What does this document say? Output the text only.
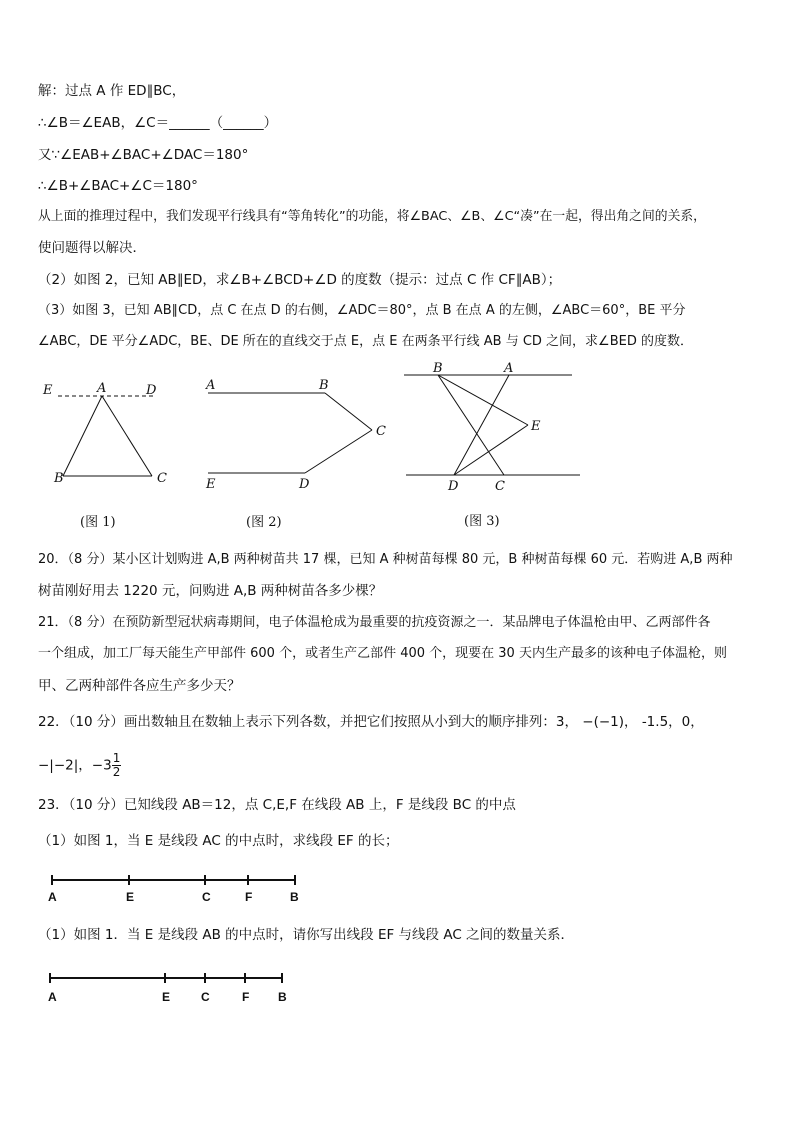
解：过点 A 作 ED∥BC，
∴∠B＝∠EAB，∠C＝______（______）
又∵∠EAB+∠BAC+∠DAC＝180°
∴∠B+∠BAC+∠C＝180°
从上面的推理过程中，我们发现平行线具有“等角转化”的功能，将∠BAC、∠B、∠C“凑”在一起，得出角之间的关系，
使问题得以解决．
（2）如图 2，已知 AB∥ED，求∠B+∠BCD+∠D 的度数（提示：过点 C 作 CF∥AB）；
（3）如图 3，已知 AB∥CD，点 C 在点 D 的右侧，∠ADC＝80°，点 B 在点 A 的左侧，∠ABC＝60°，BE 平分
∠ABC，DE 平分∠ADC，BE、DE 所在的直线交于点 E，点 E 在两条平行线 AB 与 CD 之间，求∠BED 的度数．
E	A	D
B	C
(图 1)
A	B
C
E	D
(图 2)
B	A
E
D	C
(图 3)
20．（8 分）某小区计划购进 A,B 两种树苗共 17 棵，已知 A 种树苗每棵 80 元，B 种树苗每棵 60 元．若购进 A,B 两种
树苗刚好用去 1220 元，问购进 A,B 两种树苗各多少棵？
21．（8 分）在预防新型冠状病毒期间，电子体温枪成为最重要的抗疫资源之一．某品牌电子体温枪由甲、乙两部件各
一个组成，加工厂每天能生产甲部件 600 个，或者生产乙部件 400 个，现要在 30 天内生产最多的该种电子体温枪，则
甲、乙两种部件各应生产多少天？
22．（10 分）画出数轴且在数轴上表示下列各数，并把它们按照从小到大的顺序排列：3， −(−1)， -1.5，0，
−|−2|，$-3 \frac{1}{2}$
23．（10 分）已知线段 AB＝12，点 C,E,F 在线段 AB 上，F 是线段 BC 的中点
（1）如图 1，当 E 是线段 AC 的中点时，求线段 EF 的长；
A	E	C	F	B
（1）如图 1．当 E 是线段 AB 的中点时，请你写出线段 EF 与线段 AC 之间的数量关系．
A	E	C	F B
